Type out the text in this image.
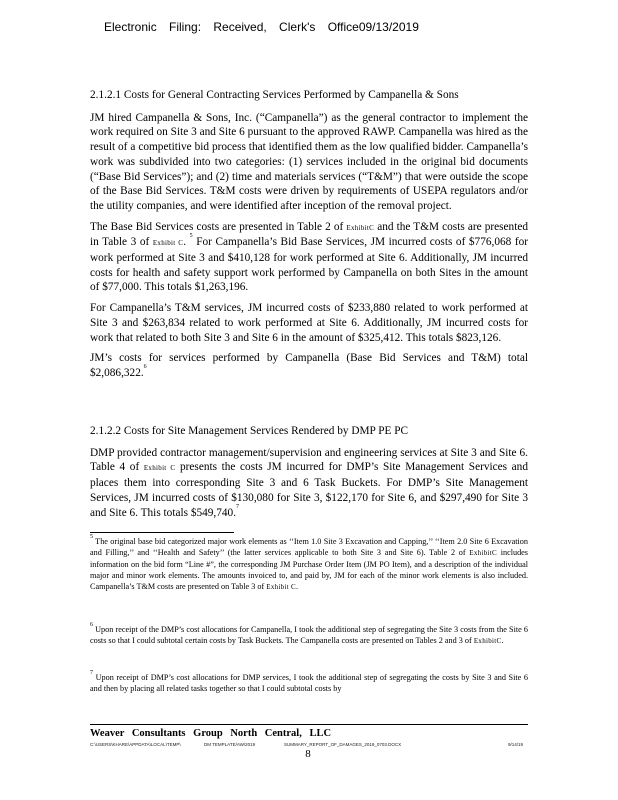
Electronic Filing: Received, Clerk's Office09/13/2019
2.1.2.1 Costs for General Contracting Services Performed by Campanella & Sons

JM hired Campanella & Sons, Inc. (“Campanella”) as the general contractor to implement the work required on Site 3 and Site 6 pursuant to the approved RAWP. Campanella was hired as the result of a competitive bid process that identified them as the low qualified bidder. Campanella’s work was subdivided into two categories: (1) services included in the original bid documents (“Base Bid Services”); and (2) time and materials services (“T&M”) that were outside the scope of the Base Bid Services. T&M costs were driven by requirements of USEPA regulators and/or the utility companies, and were identified after inception of the removal project.

The Base Bid Services costs are presented in Table 2 of ExhibitC and the T&M costs are presented in Table 3 of Exhibit C. $^5$ For Campanella’s Bid Base Services, JM incurred costs of $776,068 for work performed at Site 3 and $410,128 for work performed at Site 6. Additionally, JM incurred costs for health and safety support work performed by Campanella on both Sites in the amount of $77,000. This totals $1,263,196.

For Campanella’s T&M services, JM incurred costs of $233,880 related to work performed at Site 3 and $263,834 related to work performed at Site 6. Additionally, JM incurred costs for work that related to both Site 3 and Site 6 in the amount of $325,412. This totals $823,126.

JM’s costs for services performed by Campanella (Base Bid Services and T&M) total $2,086,322.$^6$

2.1.2.2 Costs for Site Management Services Rendered by DMP PE PC

DMP provided contractor management/supervision and engineering services at Site 3 and Site 6. Table 4 of Exhibit C presents the costs JM incurred for DMP’s Site Management Services and places them into corresponding Site 3 and 6 Task Buckets. For DMP’s Site Management Services, JM incurred costs of $130,080 for Site 3, $122,170 for Site 6, and $297,490 for Site 3 and Site 6. This totals $549,740.$^7$

$^5$ The original base bid categorized major work elements as ‘‘Item 1.0 Site 3 Excavation and Capping,’’ ‘‘Item 2.0 Site 6 Excavation and Filling,’’ and ‘‘Health and Safety’’ (the latter services applicable to both Site 3 and Site 6). Table 2 of ExhibitC includes information on the bid form “Line #”, the corresponding JM Purchase Order Item (JM PO Item), and a description of the individual major and minor work elements. The amounts invoiced to, and paid by, JM for each of the minor work elements is also included. Campanella’s T&M costs are presented on Table 3 of Exhibit C.

$^6$ Upon receipt of the DMP’s cost allocations for Campanella, I took the additional step of segregating the Site 3 costs from the Site 6 costs so that I could subtotal certain costs by Task Buckets. The Campanella costs are presented on Tables 2 and 3 of ExhibitC.

$^7$ Upon receipt of DMP’s cost allocations for DMP services, I took the additional step of segregating the costs by Site 3 and Site 6 and then by placing all related tasks together so that I could subtotal costs by

Weaver Consultants Group North Central, LLC
C:\USERS\KHARE\APPDATA\LOCAL\TEMP\	DM TEMPLATE/AW/2019	SUMMARY_REPORT_OF_DAMAGES_2019_0703.DOCX	9/14/19
8
